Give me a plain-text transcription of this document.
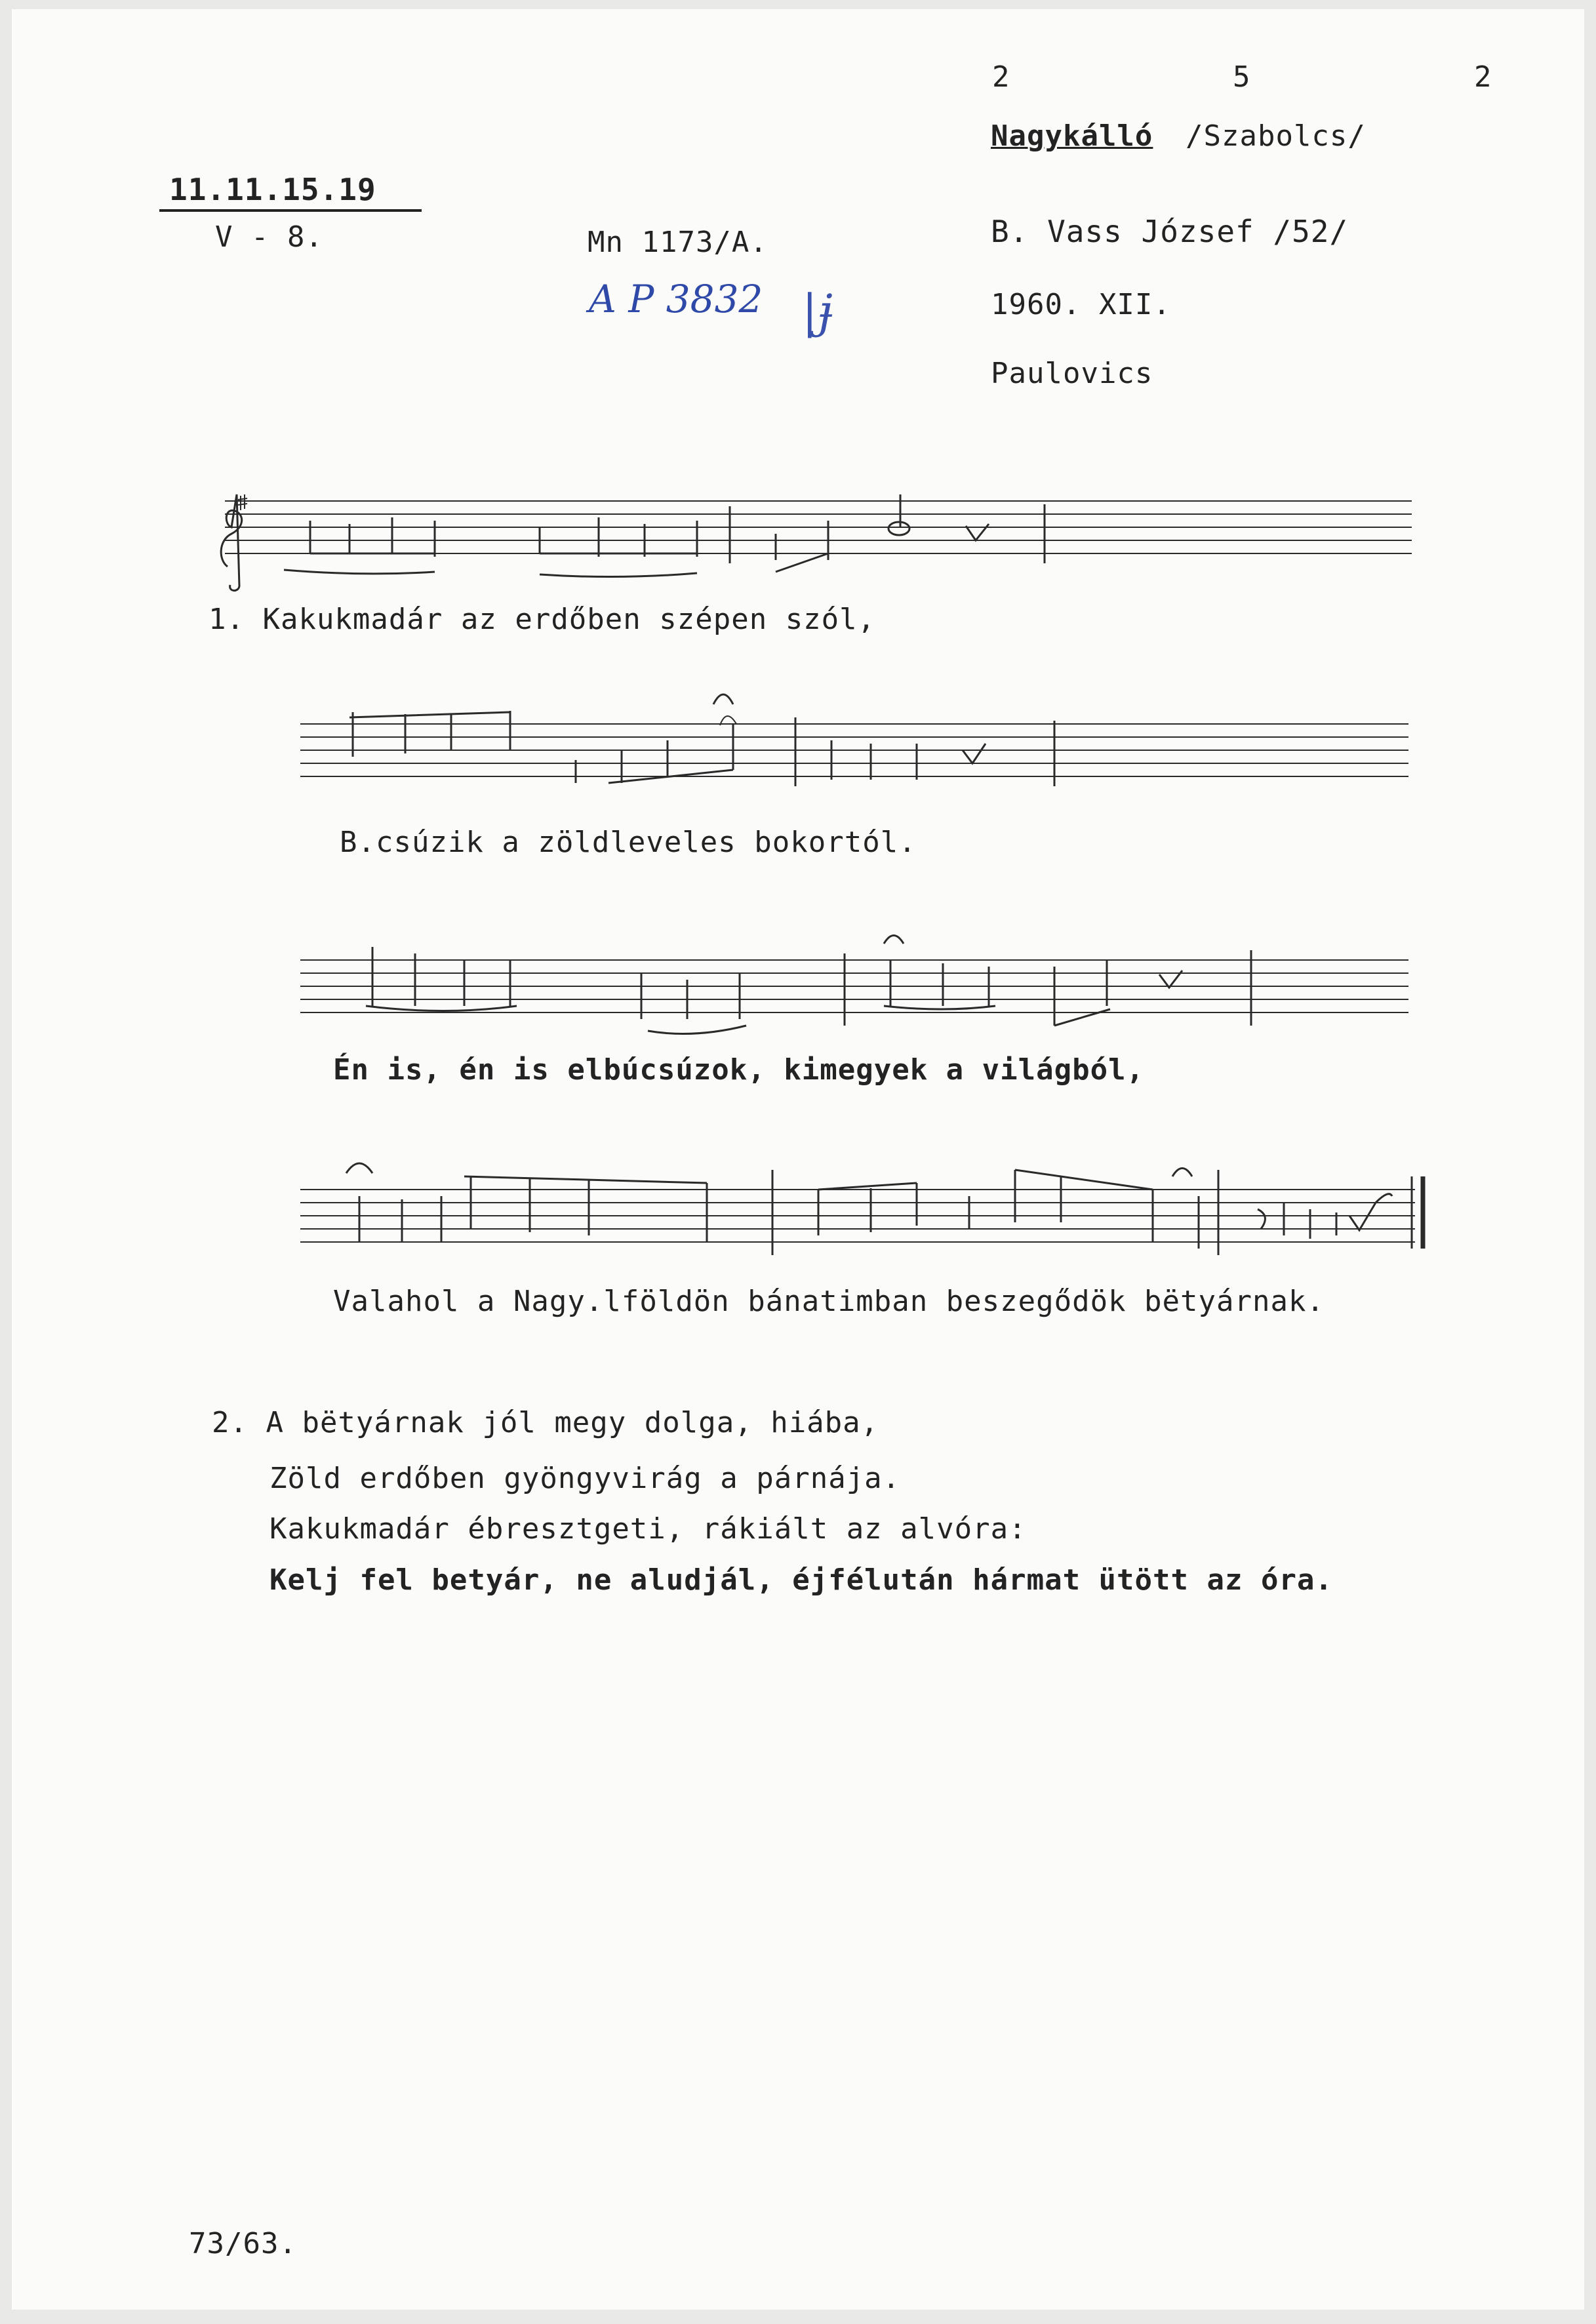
2	5	2
11.11.15.19
V - 8.	Mn 1173/A.
A P 3832 |ɉ
Nagykálló /Szabolcs/
B. Vass József /52/
1960. XII.
Paulovics
1. Kakukmadár az erdőben szépen szól,
B.csúzik a zöldleveles bokortól.
Én is, én is elbúcsúzok, kimegyek a világból,
Valahol a Nagy.lföldön bánatimban beszegődök bëtyárnak.
2. A bëtyárnak jól megy dolga, hiába,
Zöld erdőben gyöngyvirág a párnája.
Kakukmadár ébresztgeti, rákiált az alvóra:
Kelj fel betyár, ne aludjál, éjfélután hármat ütött az óra.
73/63.
